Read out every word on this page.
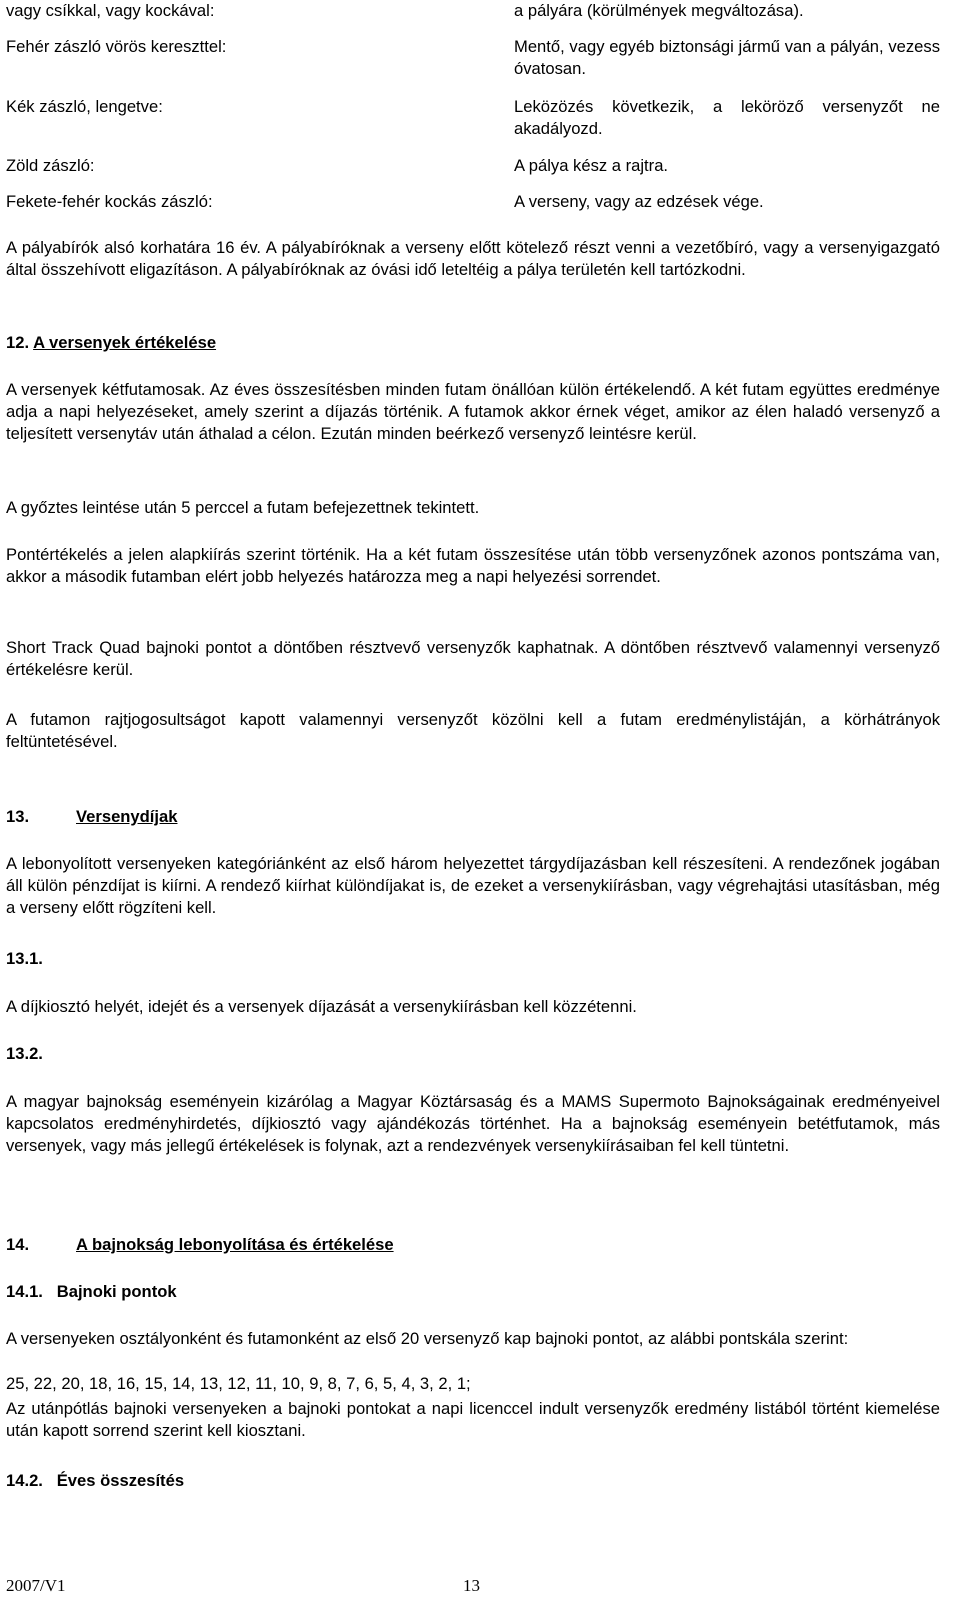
vagy csíkkal, vagy kockával:	a pályára (körülmények megváltozása).
Fehér zászló vörös kereszttel:	Mentő, vagy egyéb biztonsági jármű van a pályán, vezess óvatosan.
Kék zászló, lengetve:	Leközözés következik, a leköröző versenyzőt ne akadályozd.
Zöld zászló:	A pálya kész a rajtra.
Fekete-fehér kockás zászló:	A verseny, vagy az edzések vége.

A pályabírók alsó korhatára 16 év. A pályabíróknak a verseny előtt kötelező részt venni a vezetőbíró, vagy a versenyigazgató által összehívott eligazításon. A pályabíróknak az óvási idő leteltéig a pálya területén kell tartózkodni.

12. A versenyek értékelése

A versenyek kétfutamosak. Az éves összesítésben minden futam önállóan külön értékelendő. A két futam együttes eredménye adja a napi helyezéseket, amely szerint a díjazás történik. A futamok akkor érnek véget, amikor az élen haladó versenyző a teljesített versenytáv után áthalad a célon. Ezután minden beérkező versenyző leintésre kerül.

A győztes leintése után 5 perccel a futam befejezettnek tekintett.

Pontértékelés a jelen alapkiírás szerint történik. Ha a két futam összesítése után több versenyzőnek azonos pontszáma van, akkor a második futamban elért jobb helyezés határozza meg a napi helyezési sorrendet.

Short Track Quad bajnoki pontot a döntőben résztvevő versenyzők kaphatnak. A döntőben résztvevő valamennyi versenyző értékelésre kerül.

A futamon rajtjogosultságot kapott valamennyi versenyzőt közölni kell a futam eredménylistáján, a körhátrányok feltüntetésével.

13.	Versenydíjak

A lebonyolított versenyeken kategóriánként az első három helyezettet tárgydíjazásban kell részesíteni. A rendezőnek jogában áll külön pénzdíjat is kiírni. A rendező kiírhat különdíjakat is, de ezeket a versenykiírásban, vagy végrehajtási utasításban, még a verseny előtt rögzíteni kell.

13.1.

A díjkiosztó helyét, idejét és a versenyek díjazását a versenykiírásban kell közzétenni.

13.2.

A magyar bajnokság eseményein kizárólag a Magyar Köztársaság és a MAMS Supermoto Bajnokságainak eredményeivel kapcsolatos eredményhirdetés, díjkiosztó vagy ajándékozás történhet. Ha a bajnokság eseményein betétfutamok, más versenyek, vagy más jellegű értékelések is folynak, azt a rendezvények versenykiírásaiban fel kell tüntetni.

14.	A bajnokság lebonyolítása és értékelése
14.1.   Bajnoki pontok

A versenyeken osztályonként és futamonként az első 20 versenyző kap bajnoki pontot, az alábbi pontskála szerint:

25, 22, 20, 18, 16, 15, 14, 13, 12, 11, 10, 9, 8, 7, 6, 5, 4, 3, 2, 1;

Az utánpótlás bajnoki versenyeken a bajnoki pontokat a napi licenccel indult versenyzők eredmény listából történt kiemelése után kapott sorrend szerint kell kiosztani.

14.2.   Éves összesítés
2007/V1	13
